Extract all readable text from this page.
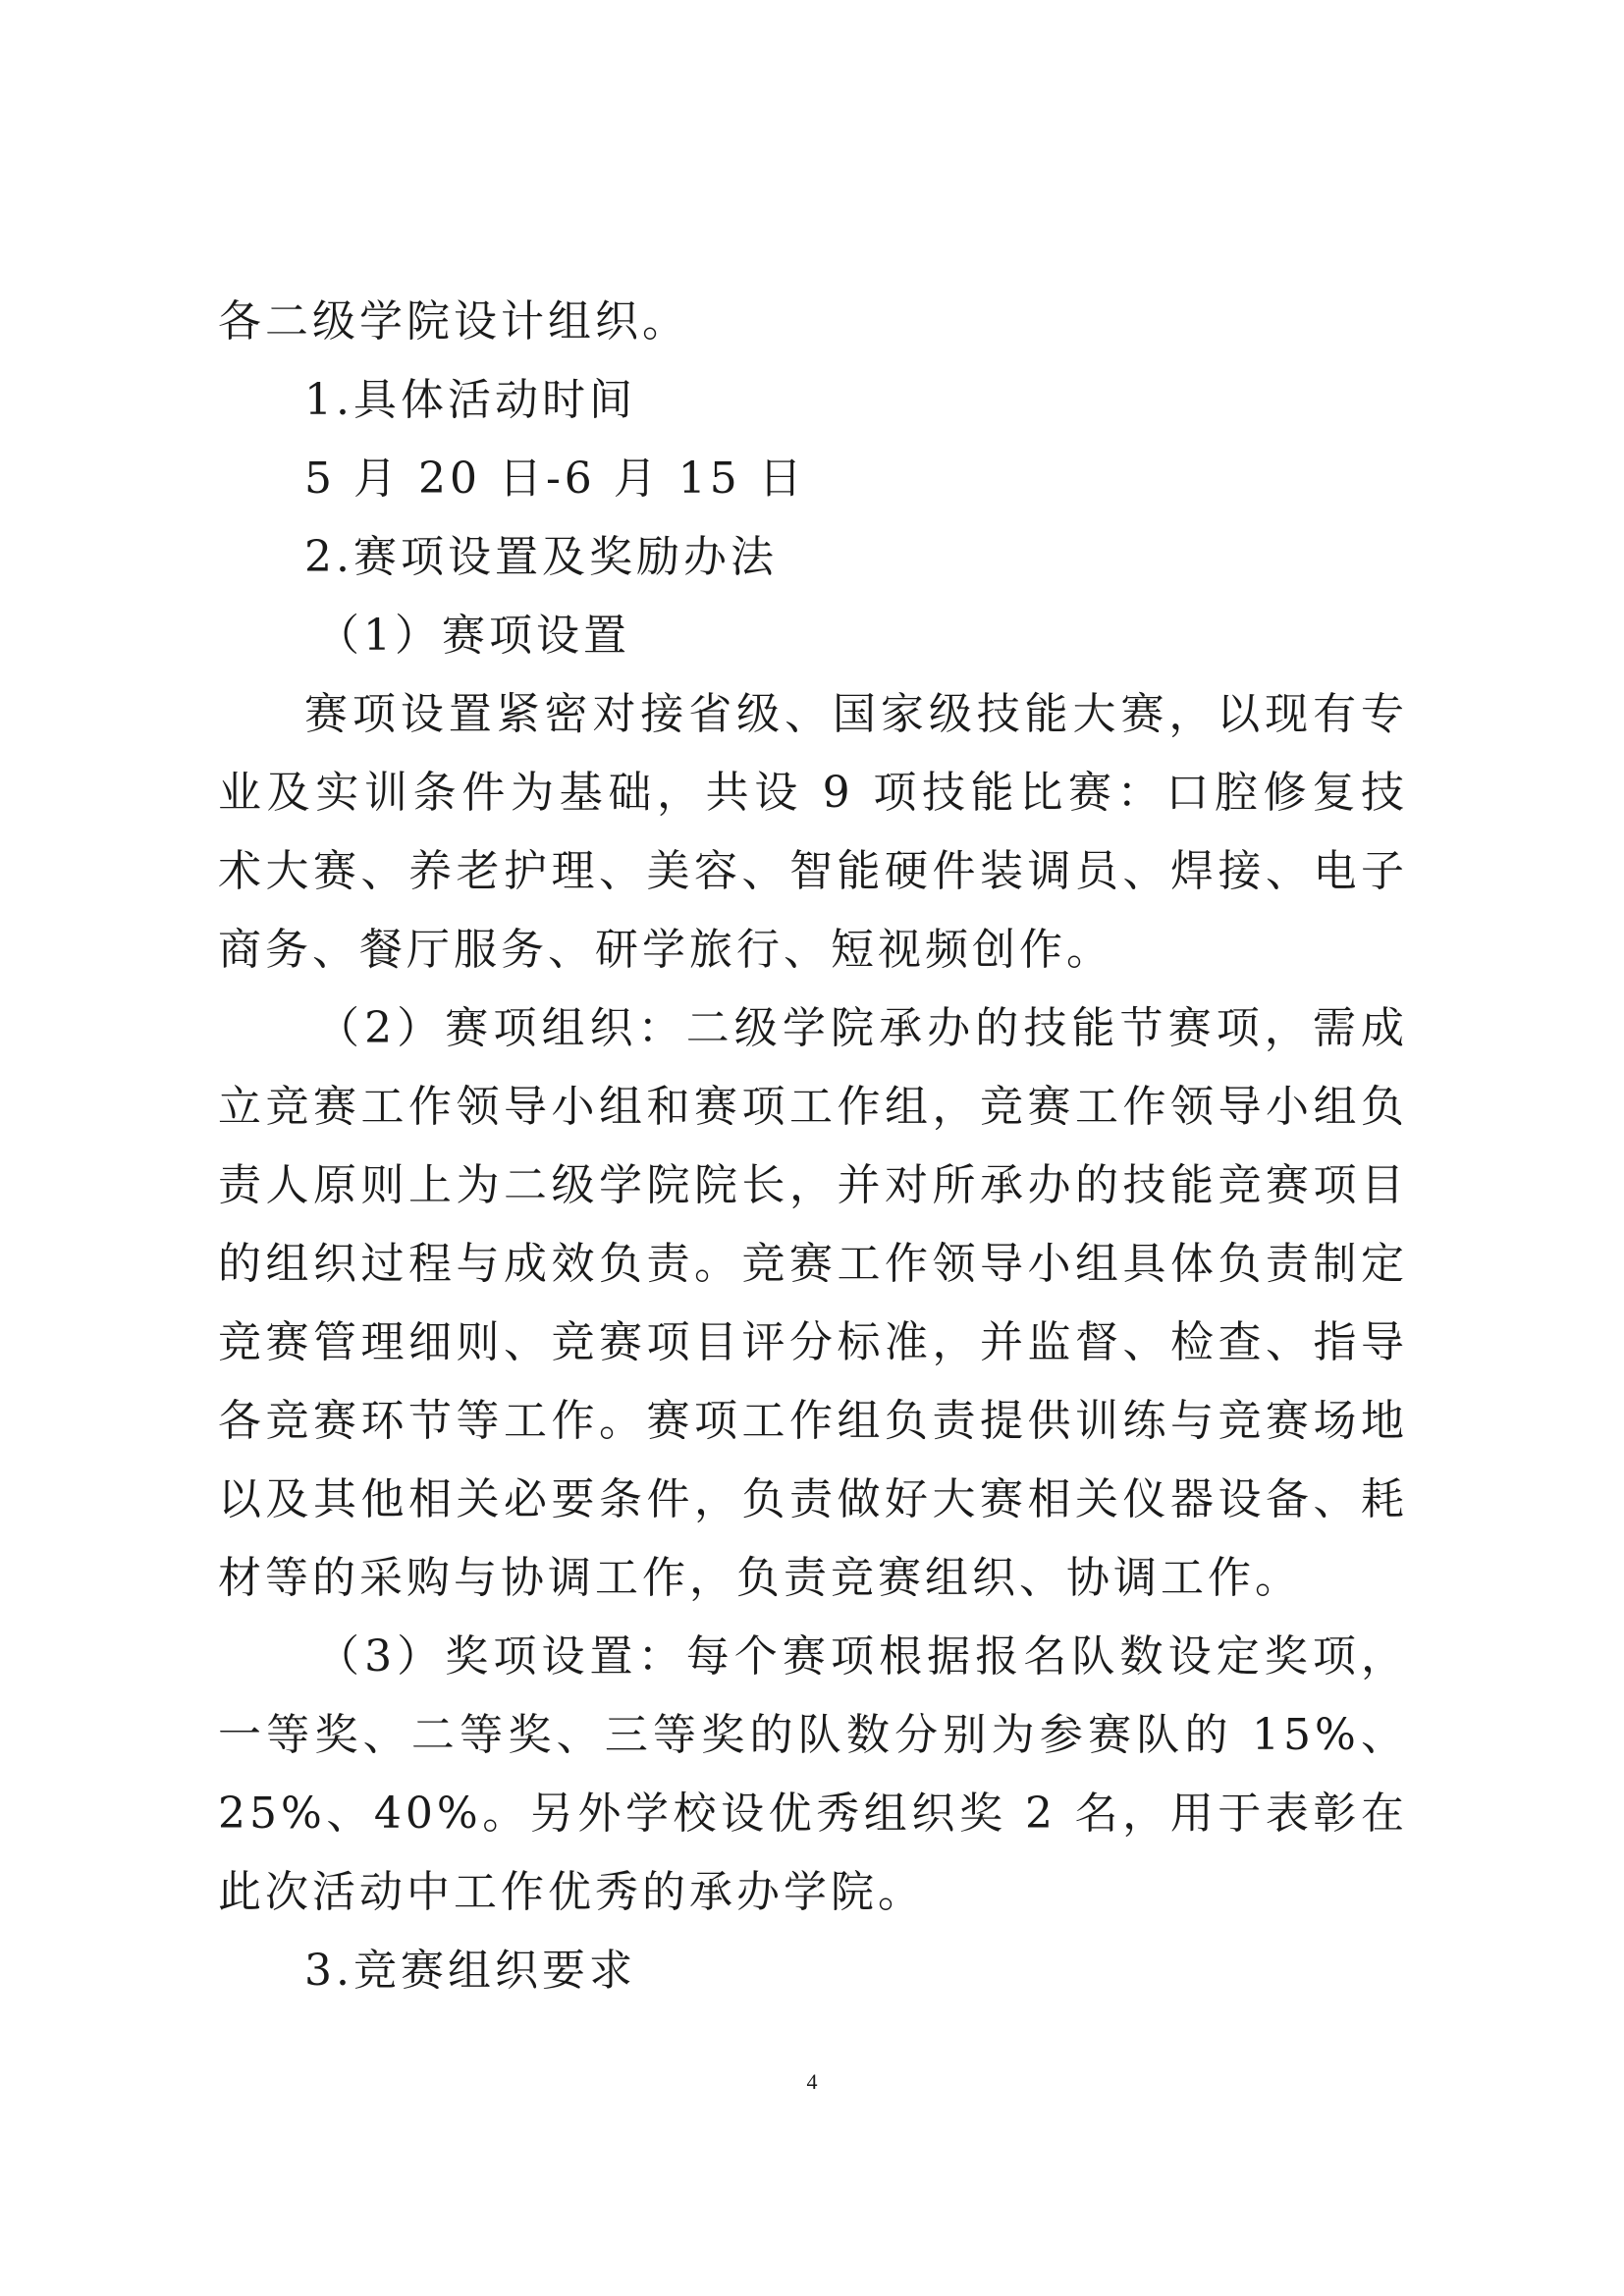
各二级学院设计组织。

1.具体活动时间

5 月 20 日-6 月 15 日

2.赛项设置及奖励办法

（1）赛项设置

赛项设置紧密对接省级、国家级技能大赛，以现有专业及实训条件为基础，共设 9 项技能比赛：口腔修复技术大赛、养老护理、美容、智能硬件装调员、焊接、电子商务、餐厅服务、研学旅行、短视频创作。

（2）赛项组织：二级学院承办的技能节赛项，需成立竞赛工作领导小组和赛项工作组，竞赛工作领导小组负责人原则上为二级学院院长，并对所承办的技能竞赛项目的组织过程与成效负责。竞赛工作领导小组具体负责制定竞赛管理细则、竞赛项目评分标准，并监督、检查、指导各竞赛环节等工作。赛项工作组负责提供训练与竞赛场地以及其他相关必要条件，负责做好大赛相关仪器设备、耗材等的采购与协调工作，负责竞赛组织、协调工作。

（3）奖项设置：每个赛项根据报名队数设定奖项，一等奖、二等奖、三等奖的队数分别为参赛队的 15%、25%、40%。另外学校设优秀组织奖 2 名，用于表彰在此次活动中工作优秀的承办学院。

3.竞赛组织要求

4
